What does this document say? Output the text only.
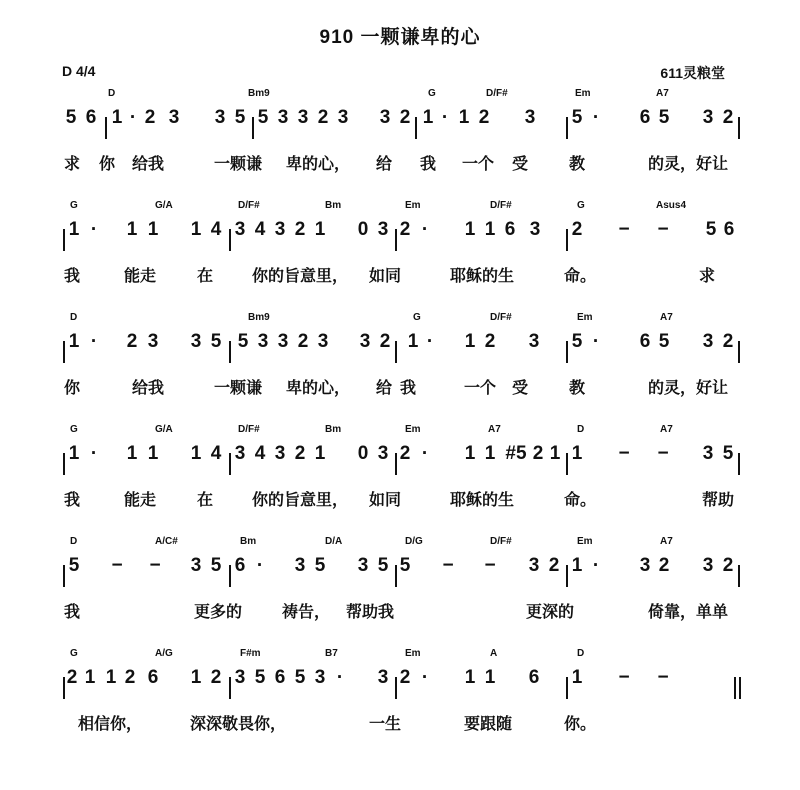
910 一颗谦卑的心
D 4/4	611灵粮堂
D	Bm9	G	D/F#	Em	A7
5 6 1 · 2 3 3 5 5 3 3 2 3 3 2 1 · 1 2 3 5 · 6 5 3 2
求 你 给我	一颗谦 卑的心， 给 我 一个 受	教	的灵，好让
G	G/A	D/F#	Bm	Em	D/F#	G	Asus4
1 · 1 1 1 4 3 4 3 2 1 0 3 2 · 1 1 6 3 2 − − 5 6
我	能走	在 你的旨意里， 如同	耶稣的生	命。	求
D	Bm9	G	D/F#	Em	A7
1 · 2 3 3 5 5 3 3 2 3 3 2 1 · 1 2 3 5 · 6 5 3 2
你	给我	一颗谦 卑的心， 给 我	一个 受	教	的灵，好让
G	G/A	D/F#	Bm	Em	A7	D	A7
1 · 1 1 1 4 3 4 3 2 1 0 3 2 · 1 1 #5 2 1 1 − − 3 5
我	能走	在 你的旨意里， 如同	耶稣的生	命。	帮助
D	A/C#	Bm	D/A	D/G	D/F#	Em	A7
5 − − 3 5 6 · 3 5 3 5 5 − − 3 2 1 · 3 2 3 2
我	更多的 祷告， 帮助我	更深的	倚靠，单单
G	A/G	F#m	B7	Em	A	D
2 1 1 2 6 1 2 3 5 6 5 3 · 3 2 · 1 1 6 1 − −
相信你，	深深敬畏你，	一生	要跟随	你。
